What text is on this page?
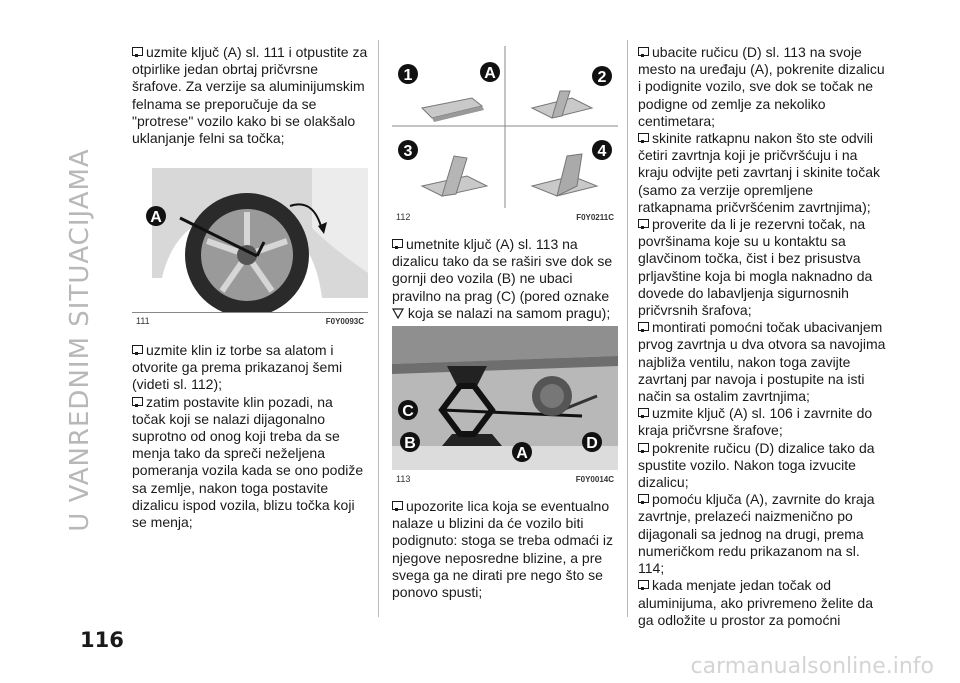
U VANREDNIM SITUACIJAMA
116

uzmite ključ (A) sl. 111 i otpustite za otpirlike jedan obrtaj pričvrsne šrafove. Za verzije sa aluminijumskim felnama se preporučuje da se "protrese" vozilo kako bi se olakšalo uklanjanje felni sa točka;

A
111	F0Y0093C

uzmite klin iz torbe sa alatom i otvorite ga prema prikazanoj šemi (videti sl. 112);

zatim postavite klin pozadi, na točak koji se nalazi dijagonalno suprotno od onog koji treba da se menja tako da spreči neželjena pomeranja vozila kada se ono podiže sa zemlje, nakon toga postavite dizalicu ispod vozila, blizu točka koji se menja;

1	A	2
3	4
112	F0Y0211C

umetnite ključ (A) sl. 113 na dizalicu tako da se raširi sve dok se gornji deo vozila (B) ne ubaci pravilno na prag (C) (pored oznake  koja se nalazi na samom pragu);

C
B
A
D
113	F0Y0014C

upozorite lica koja se eventualno nalaze u blizini da će vozilo biti podignuto: stoga se treba odmaći iz njegove neposredne blizine, a pre svega ga ne dirati pre nego što se ponovo spusti;

ubacite ručicu (D) sl. 113 na svoje mesto na uređaju (A), pokrenite dizalicu i podignite vozilo, sve dok se točak ne podigne od zemlje za nekoliko centimetara;

skinite ratkapnu nakon što ste odvili četiri zavrtnja koji je pričvršćuju i na kraju odvijte peti zavrtanj i skinite točak (samo za verzije opremljene ratkapnama pričvršćenim zavrtnjima);

proverite da li je rezervni točak, na površinama koje su u kontaktu sa glavčinom točka, čist i bez prisustva prljavštine koja bi mogla naknadno da dovede do labavljenja sigurnosnih pričvrsnih šrafova;

montirati pomoćni točak ubacivanjem prvog zavrtnja u dva otvora sa navojima najbliža ventilu, nakon toga zavijte zavrtanj par navoja i postupite na isti način sa ostalim zavrtnjima;

uzmite ključ (A) sl. 106 i zavrnite do kraja pričvrsne šrafove;

pokrenite ručicu (D) dizalice tako da spustite vozilo. Nakon toga izvucite dizalicu;

pomoću ključa (A), zavrnite do kraja zavrtnje, prelazeći naizmenično po dijagonali sa jednog na drugi, prema numeričkom redu prikazanom na sl. 114;

kada menjate jedan točak od aluminijuma, ako privremeno želite da ga odložite u prostor za pomoćni

carmanualsonline.info
